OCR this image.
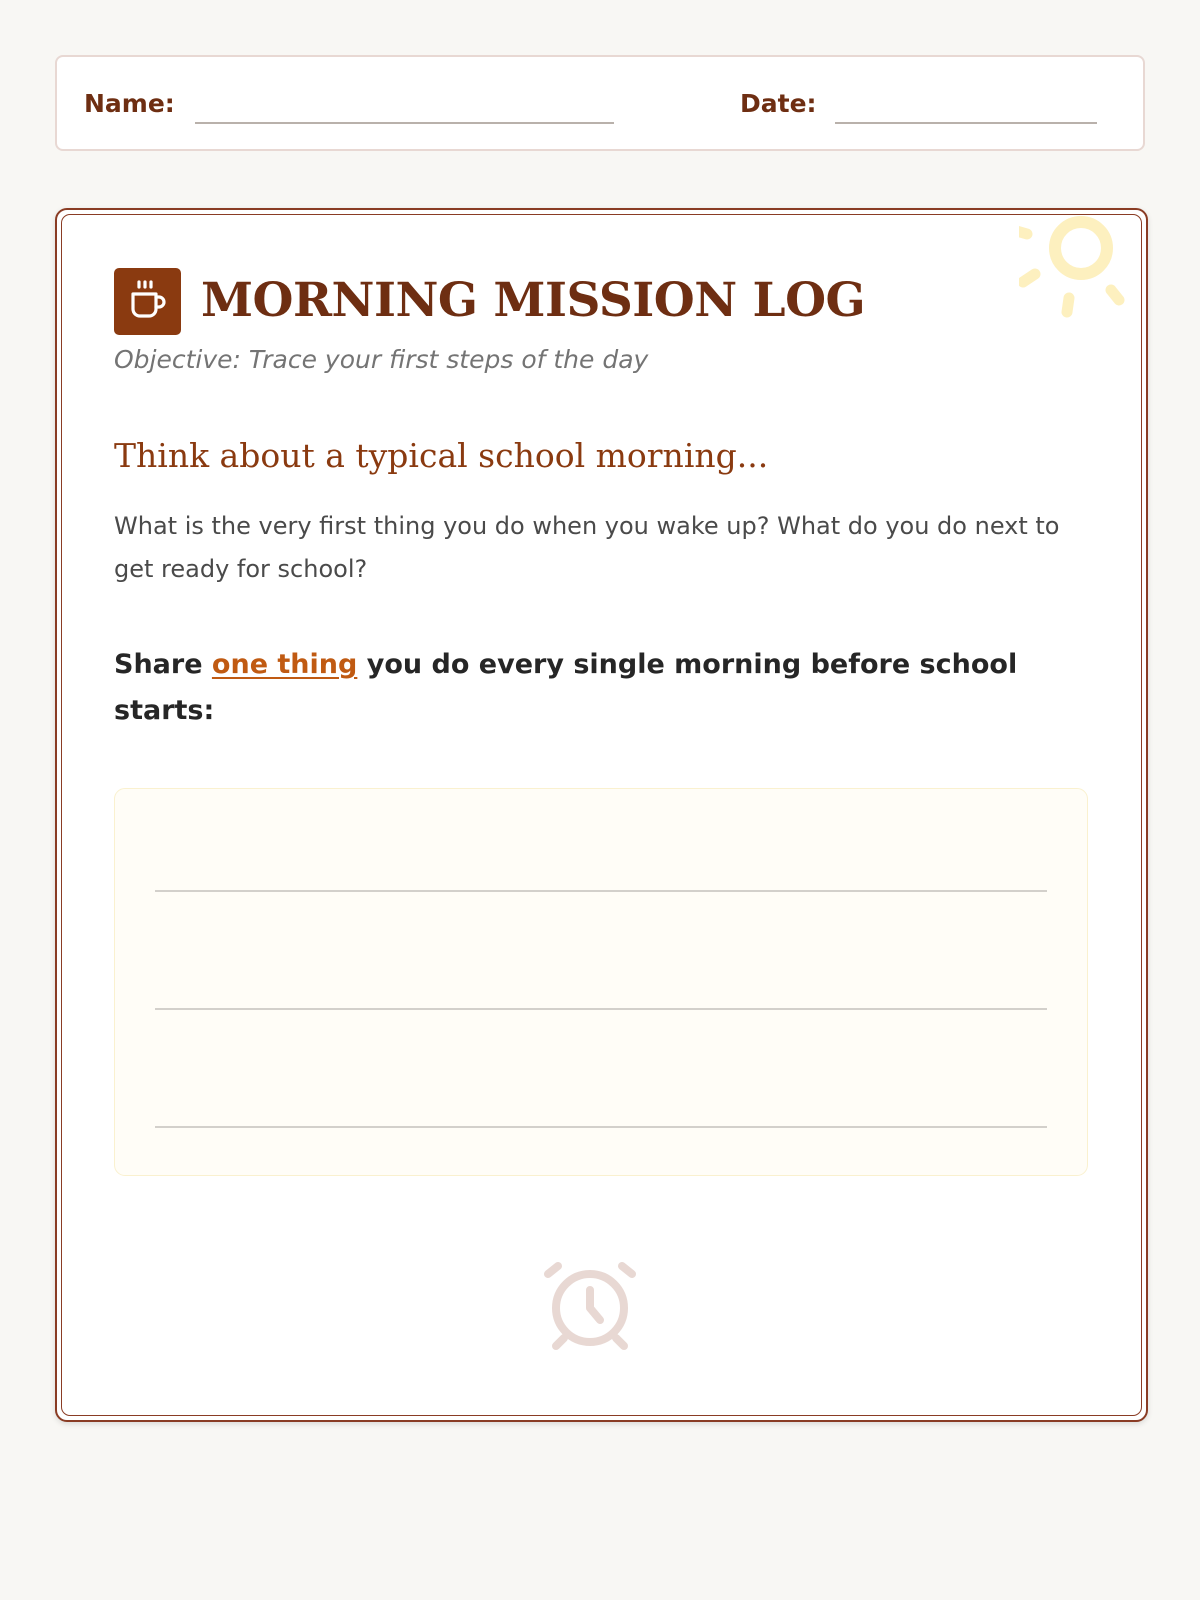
Name:	Date:
MORNING MISSION LOG
Objective: Trace your first steps of the day
Think about a typical school morning...

What is the very first thing you do when you wake up? What do you do next to get ready for school?

Share one thing you do every single morning before school starts:
